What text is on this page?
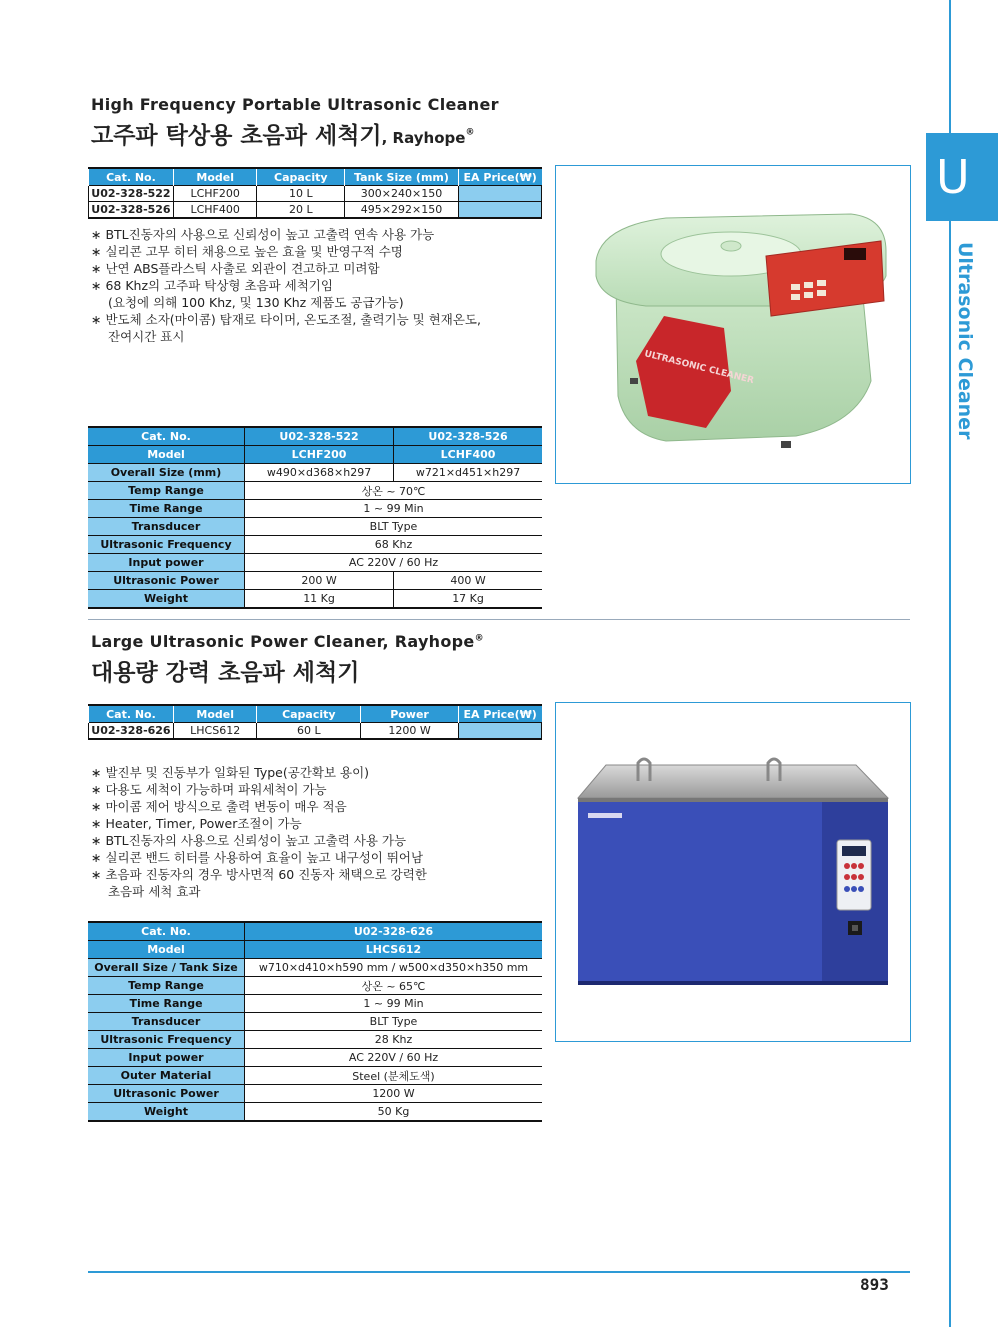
U
Ultrasonic Cleaner
High Frequency Portable Ultrasonic Cleaner
고주파 탁상용 초음파 세척기, Rayhope®
Cat. No.	Model	Capacity	Tank Size (mm)	EA Price(₩)
U02-328-522	LCHF200	10 L	300×240×150	
U02-328-526	LCHF400	20 L	495×292×150	
∗ BTL진동자의 사용으로 신뢰성이 높고 고출력 연속 사용 가능
∗ 실리콘 고무 히터 채용으로 높은 효율 및 반영구적 수명
∗ 난연 ABS플라스틱 사출로 외관이 견고하고 미려함
∗ 68 Khz의 고주파 탁상형 초음파 세척기임
(요청에 의해 100 Khz, 및 130 Khz 제품도 공급가능)
∗ 반도체 소자(마이콤) 탑재로 타이머, 온도조절, 출력기능 및 현재온도,
잔여시간 표시
Cat. No.	U02-328-522	U02-328-526
Model	LCHF200	LCHF400
Overall Size (mm)	w490×d368×h297	w721×d451×h297
Temp Range	상온 ~ 70℃	
Time Range	1 ~ 99 Min	
Transducer	BLT Type	
Ultrasonic Frequency	68 Khz	
Input power	AC 220V / 60 Hz	
Ultrasonic Power	200 W	400 W
Weight	11 Kg	17 Kg
ULTRASONIC CLEANER
Large Ultrasonic Power Cleaner, Rayhope®
대용량 강력 초음파 세척기
Cat. No.	Model	Capacity	Power	EA Price(₩)
U02-328-626	LHCS612	60 L	1200 W	
∗ 발진부 및 진동부가 일화된 Type(공간확보 용이)
∗ 다용도 세척이 가능하며 파워세척이 가능
∗ 마이콤 제어 방식으로 출력 변동이 매우 적음
∗ Heater, Timer, Power조절이 가능
∗ BTL진동자의 사용으로 신뢰성이 높고 고출력 사용 가능
∗ 실리콘 밴드 히터를 사용하여 효율이 높고 내구성이 뛰어남
∗ 초음파 진동자의 경우 방사면적 60 진동자 채택으로 강력한
초음파 세척 효과
Cat. No.	U02-328-626
Model	LHCS612
Overall Size / Tank Size	w710×d410×h590 mm / w500×d350×h350 mm
Temp Range	상온 ~ 65℃
Time Range	1 ~ 99 Min
Transducer	BLT Type
Ultrasonic Frequency	28 Khz
Input power	AC 220V / 60 Hz
Outer Material	Steel (분체도색)
Ultrasonic Power	1200 W
Weight	50 Kg
893
